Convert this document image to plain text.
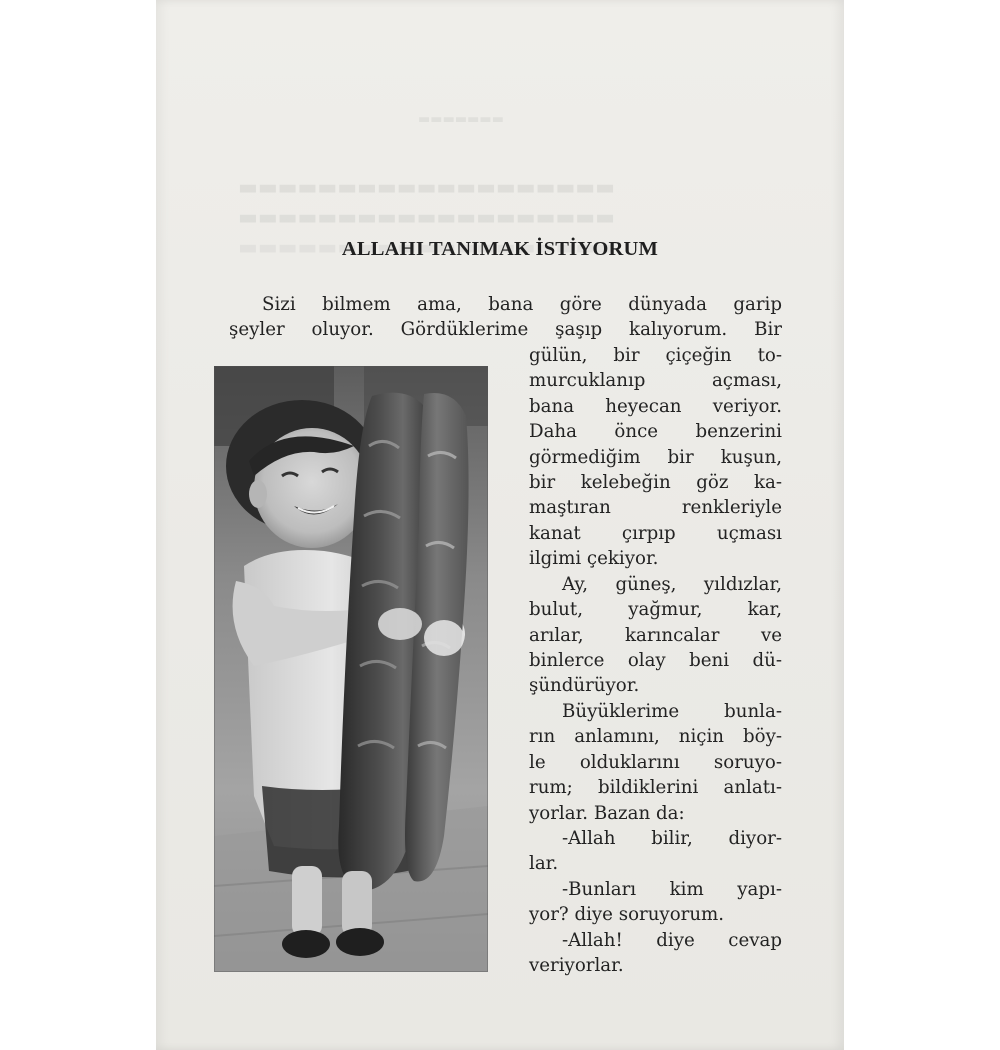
▬▬▬▬▬▬▬
▬▬▬▬▬▬▬▬▬▬▬▬▬▬▬▬▬▬▬
▬▬▬▬▬▬▬▬▬▬▬▬▬▬▬▬▬▬▬
ALLAHI TANIMAK İSTİYORUM
Sizi bilmem ama, bana göre dünyada garip
şeyler oluyor. Gördüklerime şaşıp kalıyorum. Bir
gülün, bir çiçeğin to-
murcuklanıp açması,
bana heyecan veriyor.
Daha önce benzerini
görmediğim bir kuşun,
bir kelebeğin göz ka-
maştıran renkleriyle
kanat çırpıp uçması
ilgimi çekiyor.
Ay, güneş, yıldızlar,
bulut, yağmur, kar,
arılar, karıncalar ve
binlerce olay beni dü-
şündürüyor.
Büyüklerime bunla-
rın anlamını, niçin böy-
le olduklarını soruyo-
rum; bildiklerini anlatı-
yorlar. Bazan da:
-Allah bilir, diyor-
lar.
-Bunları kim yapı-
yor? diye soruyorum.
-Allah! diye cevap
veriyorlar.
